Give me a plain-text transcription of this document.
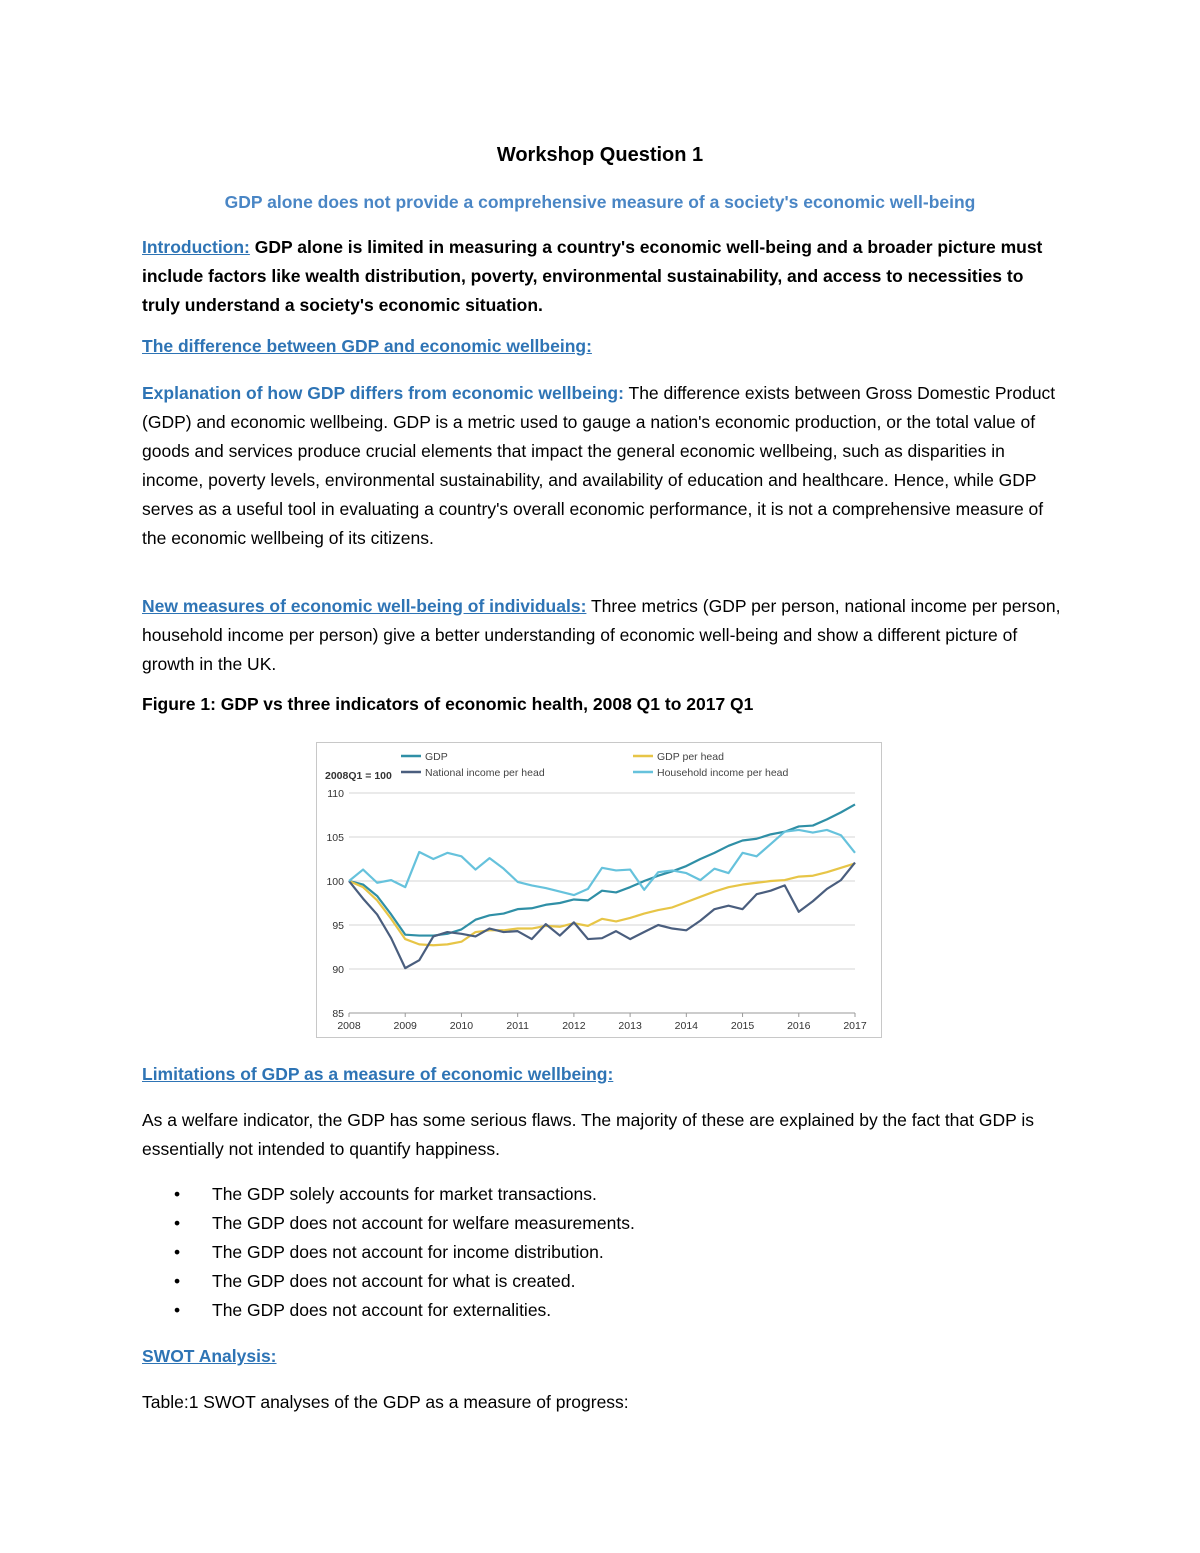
Workshop Question 1
GDP alone does not provide a comprehensive measure of a society's economic well-being
Introduction: GDP alone is limited in measuring a country's economic well-being and a broader picture must include factors like wealth distribution, poverty, environmental sustainability, and access to necessities to truly understand a society's economic situation.
The difference between GDP and economic wellbeing:
Explanation of how GDP differs from economic wellbeing: The difference exists between Gross Domestic Product (GDP) and economic wellbeing. GDP is a metric used to gauge a nation's economic production, or the total value of goods and services produce crucial elements that impact the general economic wellbeing, such as disparities in income, poverty levels, environmental sustainability, and availability of education and healthcare. Hence, while GDP serves as a useful tool in evaluating a country's overall economic performance, it is not a comprehensive measure of the economic wellbeing of its citizens.
New measures of economic well-being of individuals: Three metrics (GDP per person, national income per person, household income per person) give a better understanding of economic well-being and show a different picture of growth in the UK.
Figure 1: GDP vs three indicators of economic health, 2008 Q1 to 2017 Q1
85
90
95
100
105
110
2008	2009	2010	2011	2012	2013	2014	2015	2016	2017
2008Q1 = 100
GDP
National income per head
GDP per head
Household income per head
Limitations of GDP as a measure of economic wellbeing:
As a welfare indicator, the GDP has some serious flaws. The majority of these are explained by the fact that GDP is essentially not intended to quantify happiness.
• The GDP solely accounts for market transactions.
• The GDP does not account for welfare measurements.
• The GDP does not account for income distribution.
• The GDP does not account for what is created.
• The GDP does not account for externalities.
SWOT Analysis:
Table:1 SWOT analyses of the GDP as a measure of progress:
